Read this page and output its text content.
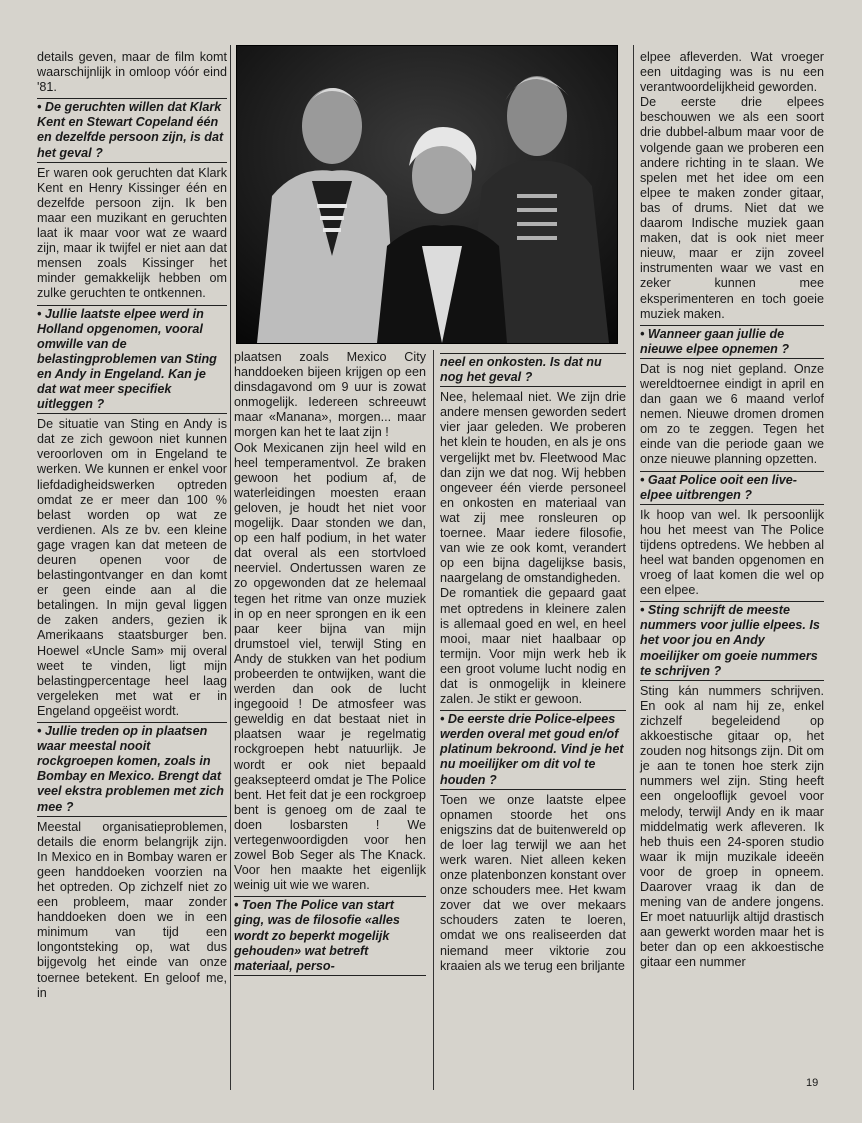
details geven, maar de film komt waarschijnlijk in omloop vóór eind '81.

• De geruchten willen dat Klark Kent en Stewart Copeland één en dezelfde persoon zijn, is dat het geval ?

Er waren ook geruchten dat Klark Kent en Henry Kissinger één en dezelfde persoon zijn. Ik ben maar een muzikant en geruchten laat ik maar voor wat ze waard zijn, maar ik twijfel er niet aan dat mensen zoals Kissinger het minder gemakkelijk hebben om zulke geruchten te ontkennen.

• Jullie laatste elpee werd in Holland opgenomen, vooral omwille van de belastingproblemen van Sting en Andy in Engeland. Kan je dat wat meer specifiek uitleggen ?

De situatie van Sting en Andy is dat ze zich gewoon niet kunnen veroorloven om in Engeland te werken. We kunnen er enkel voor liefdadigheidswerken optreden omdat ze er meer dan 100 % belast worden op wat ze verdienen. Als ze bv. een kleine gage vragen kan dat meteen de deuren openen voor de belastingontvanger en dan komt er geen einde aan al die betalingen. In mijn geval liggen de zaken anders, gezien ik Amerikaans staatsburger ben. Hoewel «Uncle Sam» mij overal weet te vinden, ligt mijn belastingpercentage heel laag vergeleken met wat er in Engeland opgeëist wordt.

• Jullie treden op in plaatsen waar meestal nooit rockgroepen komen, zoals in Bombay en Mexico. Brengt dat veel ekstra problemen met zich mee ?

Meestal organisatieproblemen, details die enorm belangrijk zijn. In Mexico en in Bombay waren er geen handdoeken voorzien na het optreden. Op zichzelf niet zo een probleem, maar zonder handdoeken doen we in een minimum van tijd een longontsteking op, wat dus bijgevolg het einde van onze toernee betekent. En geloof me, in

plaatsen zoals Mexico City handdoeken bijeen krijgen op een dinsdagavond om 9 uur is zowat onmogelijk. Iedereen schreeuwt maar «Manana», morgen... maar morgen kan het te laat zijn !

Ook Mexicanen zijn heel wild en heel temperamentvol. Ze braken gewoon het podium af, de waterleidingen moesten eraan geloven, je houdt het niet voor mogelijk. Daar stonden we dan, op een half podium, in het water dat overal als een stortvloed neerviel. Ondertussen waren ze zo opgewonden dat ze helemaal tegen het ritme van onze muziek in op en neer sprongen en ik een paar keer bijna van mijn drumstoel viel, terwijl Sting en Andy de stukken van het podium probeerden te ontwijken, want die werden dan ook de lucht ingegooid ! De atmosfeer was geweldig en dat bestaat niet in plaatsen waar je regelmatig rockgroepen hebt natuurlijk. Je wordt er ook niet bepaald geaksepteerd omdat je The Police bent. Het feit dat je een rockgroep bent is genoeg om de zaal te doen losbarsten ! We vertegenwoordigden voor hen zowel Bob Seger als The Knack. Voor hen maakte het eigenlijk weinig uit wie we waren.

• Toen The Police van start ging, was de filosofie «alles wordt zo beperkt mogelijk gehouden» wat betreft materiaal, perso-
neel en onkosten. Is dat nu nog het geval ?

Nee, helemaal niet. We zijn drie andere mensen geworden sedert vier jaar geleden. We proberen het klein te houden, en als je ons vergelijkt met bv. Fleetwood Mac dan zijn we dat nog. Wij hebben ongeveer één vierde personeel en onkosten en materiaal van wat zij mee ronsleuren op toernee. Maar iedere filosofie, van wie ze ook komt, verandert op een bijna dagelijkse basis, naargelang de omstandigheden.

De romantiek die gepaard gaat met optredens in kleinere zalen is allemaal goed en wel, en heel mooi, maar niet haalbaar op termijn. Voor mijn werk heb ik een groot volume lucht nodig en dat is onmogelijk in kleinere zalen. Je stikt er gewoon.

• De eerste drie Police-elpees werden overal met goud en/of platinum bekroond. Vind je het nu moeilijker om dit vol te houden ?

Toen we onze laatste elpee opnamen stoorde het ons enigszins dat de buitenwereld op de loer lag terwijl we aan het werk waren. Niet alleen keken onze platenbonzen konstant over onze schouders mee. Het kwam zover dat we over mekaars schouders zaten te loeren, omdat we ons realiseerden dat niemand meer viktorie zou kraaien als we terug een briljante

elpee afleverden. Wat vroeger een uitdaging was is nu een verantwoordelijkheid geworden.

De eerste drie elpees beschouwen we als een soort drie dubbel-album maar voor de volgende gaan we proberen een andere richting in te slaan. We spelen met het idee om een elpee te maken zonder gitaar, bas of drums. Niet dat we daarom Indische muziek gaan maken, dat is ook niet meer nieuw, maar er zijn zoveel instrumenten waar we vast en zeker kunnen mee eksperimenteren en toch goeie muziek maken.

• Wanneer gaan jullie de nieuwe elpee opnemen ?

Dat is nog niet gepland. Onze wereldtoernee eindigt in april en dan gaan we 6 maand verlof nemen. Nieuwe dromen dromen om zo te zeggen. Tegen het einde van die periode gaan we onze nieuwe planning opzetten.

• Gaat Police ooit een live-elpee uitbrengen ?

Ik hoop van wel. Ik persoonlijk hou het meest van The Police tijdens optredens. We hebben al heel wat banden opgenomen en vroeg of laat komen die wel op een elpee.

• Sting schrijft de meeste nummers voor jullie elpees. Is het voor jou en Andy moeilijker om goeie nummers te schrijven ?

Sting kán nummers schrijven. En ook al nam hij ze, enkel zichzelf begeleidend op akkoestische gitaar op, het zouden nog hitsongs zijn. Dit om je aan te tonen hoe sterk zijn nummers wel zijn. Sting heeft een ongelooflijk gevoel voor melody, terwijl Andy en ik maar middelmatig werk afleveren. Ik heb thuis een 24-sporen studio waar ik mijn muzikale ideeën voor de groep in opneem. Daarover vraag ik dan de mening van de andere jongens. Er moet natuurlijk altijd drastisch aan gewerkt worden maar het is beter dan op een akkoestische gitaar een nummer

19
